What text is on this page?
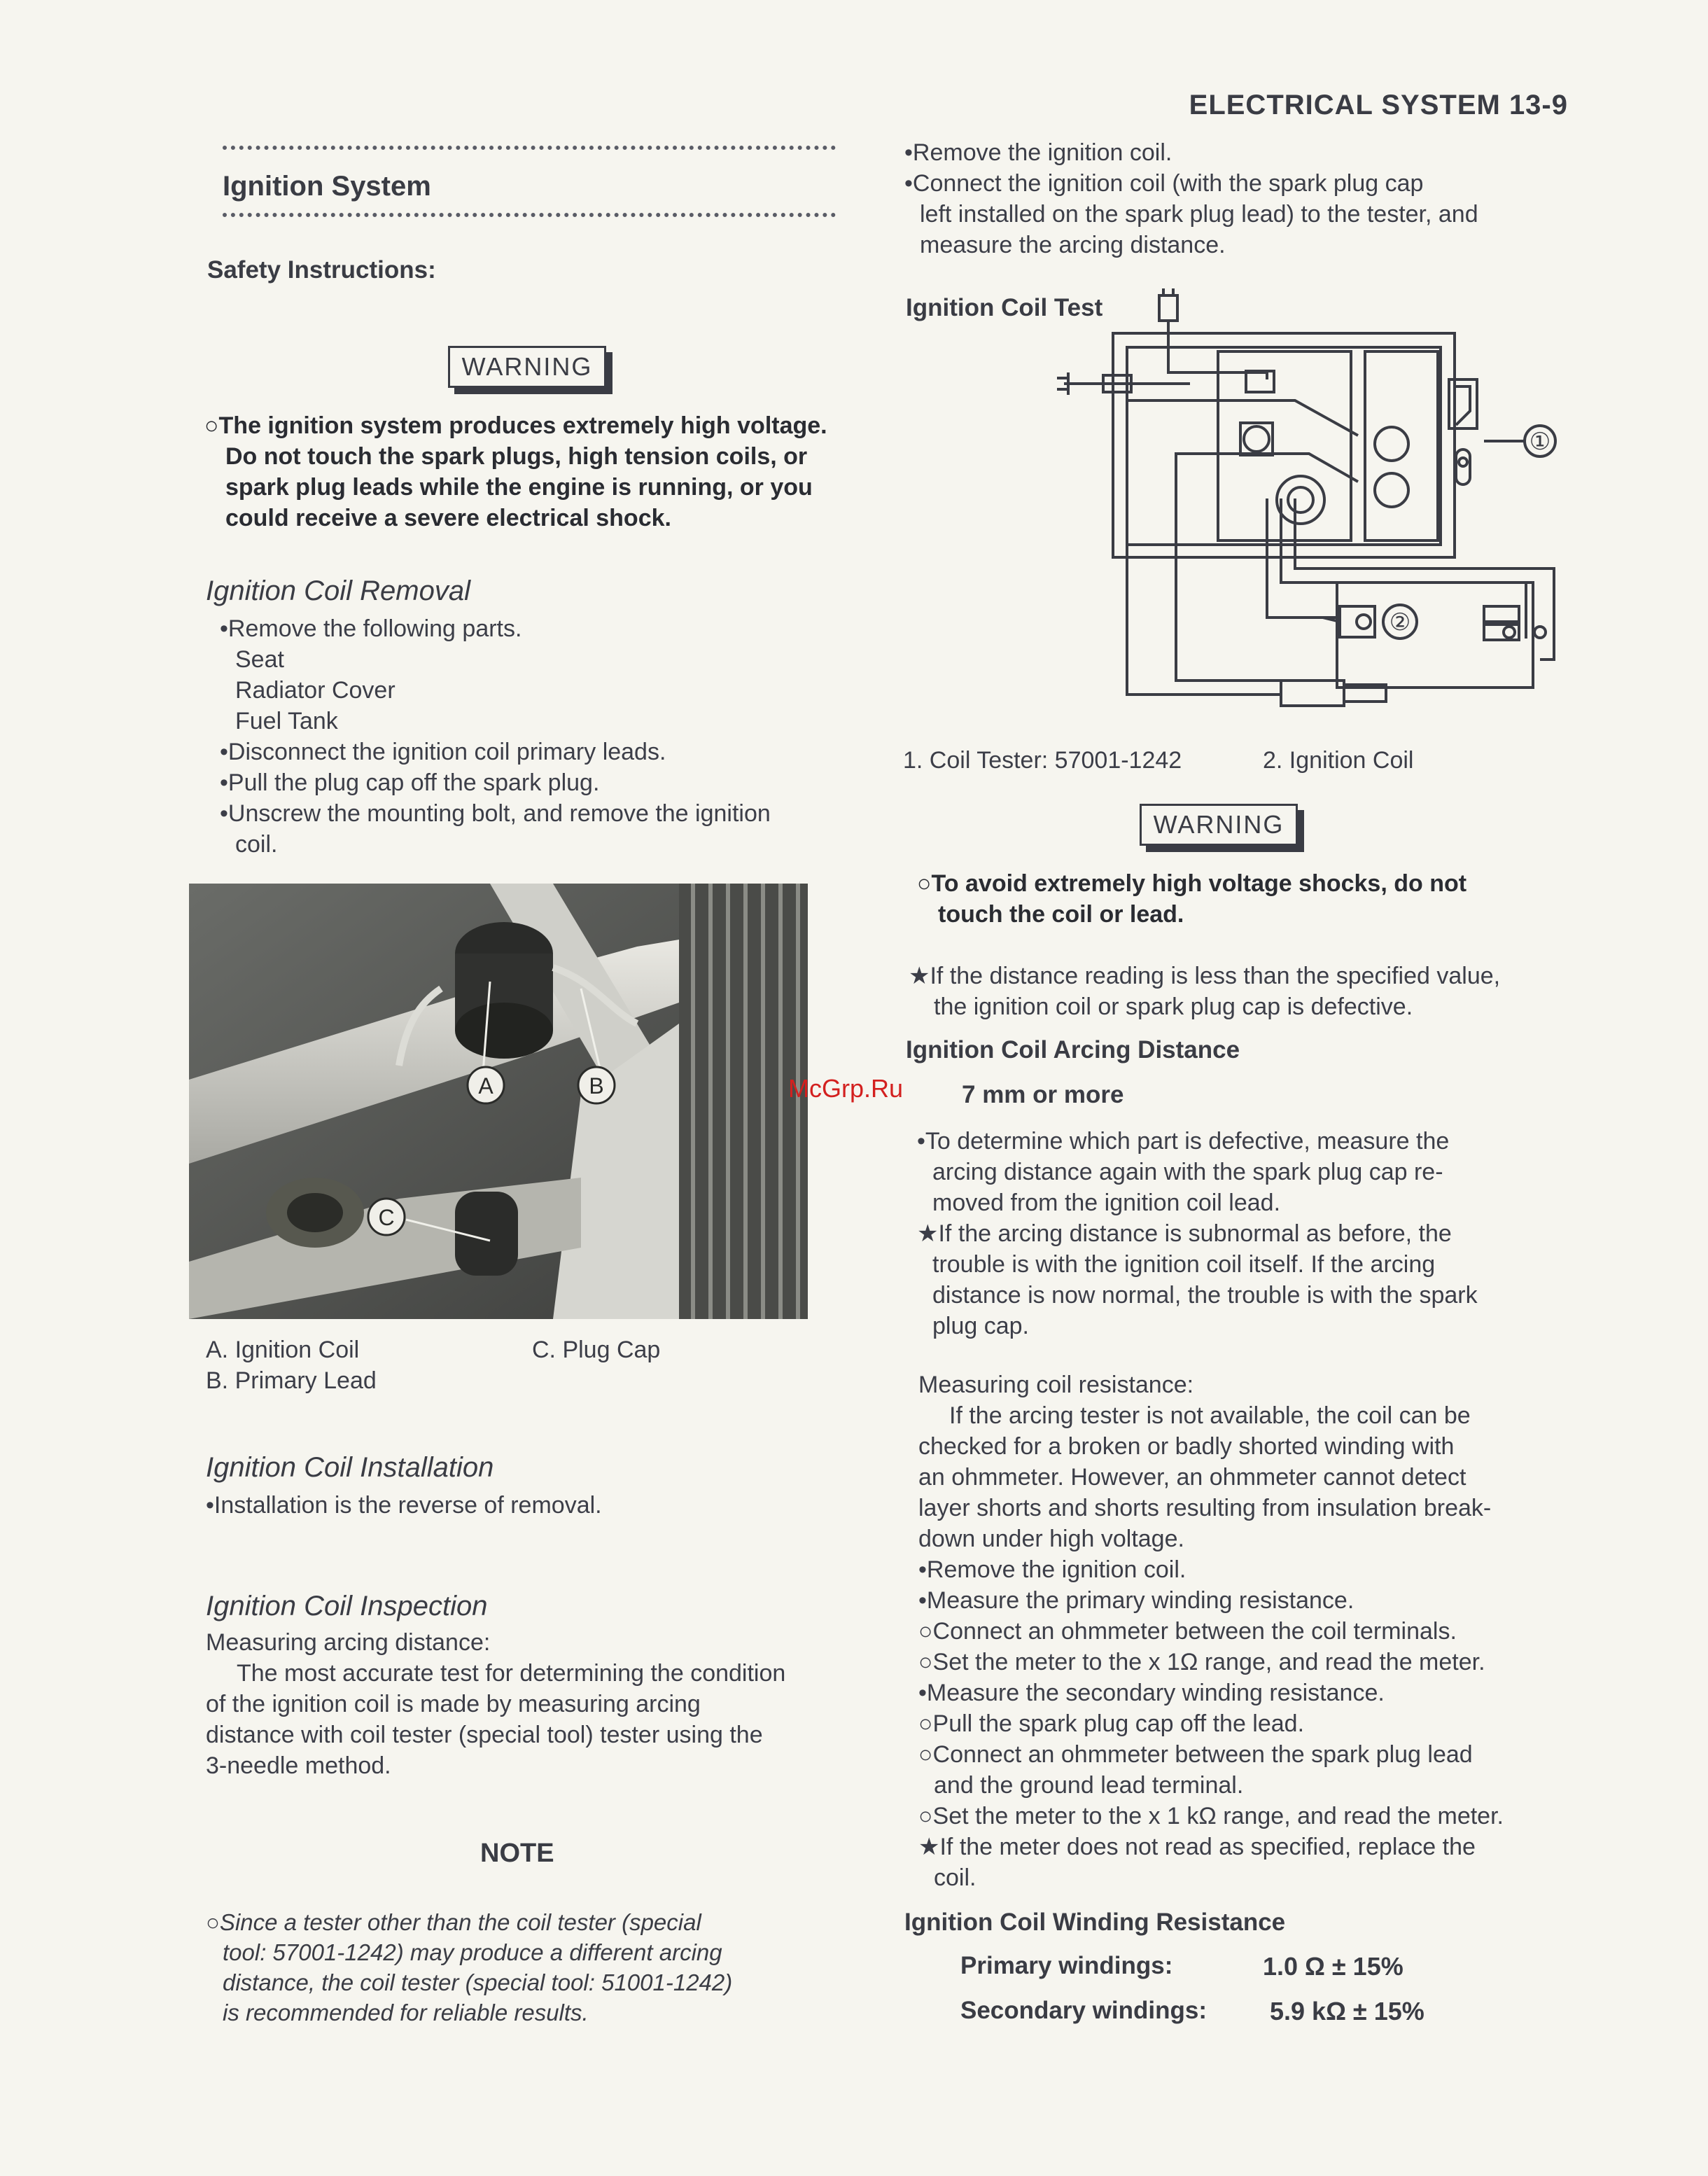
ELECTRICAL SYSTEM 13-9
Ignition System
Safety Instructions:
WARNING
○The ignition system produces extremely high voltage.
Do not touch the spark plugs, high tension coils, or
spark plug leads while the engine is running, or you
could receive a severe electrical shock.
Ignition Coil Removal

•Remove the following parts.

Seat

Radiator Cover

Fuel Tank

•Disconnect the ignition coil primary leads.

•Pull the plug cap off the spark plug.

•Unscrew the mounting bolt, and remove the ignition

coil.

A	B
C
A. Ignition Coil
B. Primary Lead
C. Plug Cap
Ignition Coil Installation
•Installation is the reverse of removal.
Ignition Coil Inspection
Measuring arcing distance:

The most accurate test for determining the condition

of the ignition coil is made by measuring arcing

distance with coil tester (special tool) tester using the

3-needle method.

NOTE
○Since a tester other than the coil tester (special
tool: 57001-1242) may produce a different arcing
distance, the coil tester (special tool: 51001-1242)
is recommended for reliable results.

•Remove the ignition coil.

•Connect the ignition coil (with the spark plug cap

left installed on the spark plug lead) to the tester, and

measure the arcing distance.

Ignition Coil Test
①
②
1. Coil Tester: 57001-1242	2. Ignition Coil
WARNING
○To avoid extremely high voltage shocks, do not
touch the coil or lead.

★If the distance reading is less than the specified value,

the ignition coil or spark plug cap is defective.

Ignition Coil Arcing Distance
McGrp.Ru 7 mm or more

•To determine which part is defective, measure the

arcing distance again with the spark plug cap re-

moved from the ignition coil lead.

★If the arcing distance is subnormal as before, the

trouble is with the ignition coil itself. If the arcing

distance is now normal, the trouble is with the spark

plug cap.

Measuring coil resistance:

If the arcing tester is not available, the coil can be

checked for a broken or badly shorted winding with

an ohmmeter. However, an ohmmeter cannot detect

layer shorts and shorts resulting from insulation break-

down under high voltage.

•Remove the ignition coil.

•Measure the primary winding resistance.

○Connect an ohmmeter between the coil terminals.

○Set the meter to the x 1Ω range, and read the meter.

•Measure the secondary winding resistance.

○Pull the spark plug cap off the lead.

○Connect an ohmmeter between the spark plug lead

and the ground lead terminal.

○Set the meter to the x 1 kΩ range, and read the meter.

★If the meter does not read as specified, replace the

coil.

Ignition Coil Winding Resistance
Primary windings:	1.0 Ω ± 15%
Secondary windings:	5.9 kΩ ± 15%
